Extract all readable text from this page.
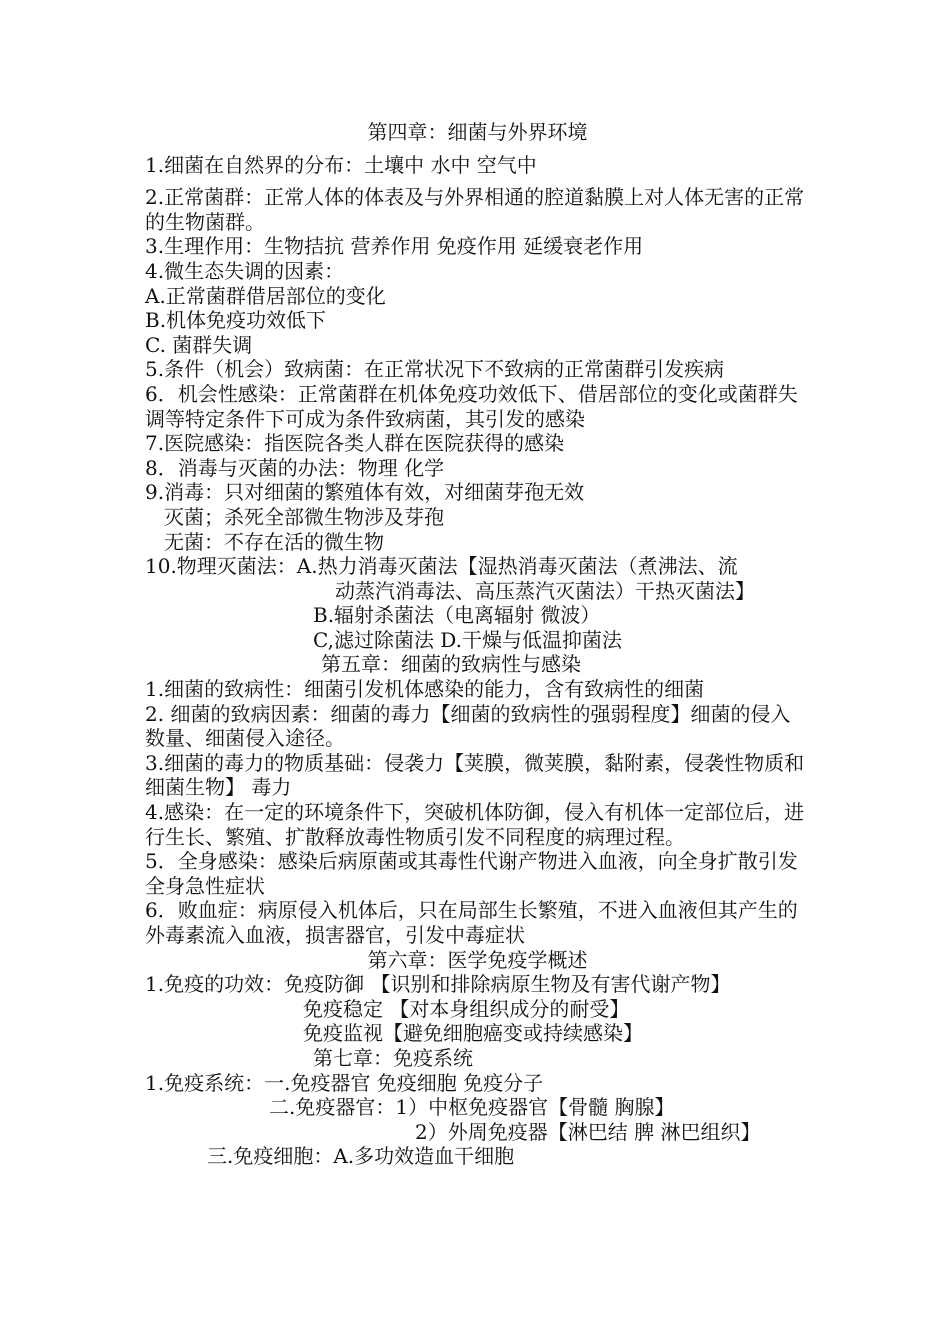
第四章：细菌与外界环境
1.细菌在自然界的分布：土壤中 水中 空气中
2.正常菌群：正常人体的体表及与外界相通的腔道黏膜上对人体无害的正常的生物菌群。
3.生理作用：生物拮抗 营养作用 免疫作用 延缓衰老作用
4.微生态失调的因素：
A.正常菌群借居部位的变化
B.机体免疫功效低下
C. 菌群失调
5.条件（机会）致病菌：在正常状况下不致病的正常菌群引发疾病
6．机会性感染：正常菌群在机体免疫功效低下、借居部位的变化或菌群失调等特定条件下可成为条件致病菌，其引发的感染
7.医院感染：指医院各类人群在医院获得的感染
8．消毒与灭菌的办法：物理 化学
9.消毒：只对细菌的繁殖体有效，对细菌芽孢无效
灭菌；杀死全部微生物涉及芽孢
无菌：不存在活的微生物
10.物理灭菌法：A.热力消毒灭菌法【湿热消毒灭菌法（煮沸法、流
动蒸汽消毒法、高压蒸汽灭菌法）干热灭菌法】
B.辐射杀菌法（电离辐射 微波）
C,滤过除菌法 D.干燥与低温抑菌法
第五章：细菌的致病性与感染
1.细菌的致病性：细菌引发机体感染的能力，含有致病性的细菌
2. 细菌的致病因素：细菌的毒力【细菌的致病性的强弱程度】细菌的侵入数量、细菌侵入途径。
3.细菌的毒力的物质基础：侵袭力【荚膜，微荚膜，黏附素，侵袭性物质和细菌生物】 毒力
4.感染：在一定的环境条件下，突破机体防御，侵入有机体一定部位后，进行生长、繁殖、扩散释放毒性物质引发不同程度的病理过程。
5．全身感染：感染后病原菌或其毒性代谢产物进入血液，向全身扩散引发全身急性症状
6．败血症：病原侵入机体后，只在局部生长繁殖，不进入血液但其产生的外毒素流入血液，损害器官，引发中毒症状
第六章：医学免疫学概述
1.免疫的功效：免疫防御 【识别和排除病原生物及有害代谢产物】
免疫稳定 【对本身组织成分的耐受】
免疫监视【避免细胞癌变或持续感染】
第七章：免疫系统
1.免疫系统：一.免疫器官 免疫细胞 免疫分子
二.免疫器官：1）中枢免疫器官【骨髓 胸腺】
2）外周免疫器【淋巴结 脾 淋巴组织】
三.免疫细胞：A.多功效造血干细胞
